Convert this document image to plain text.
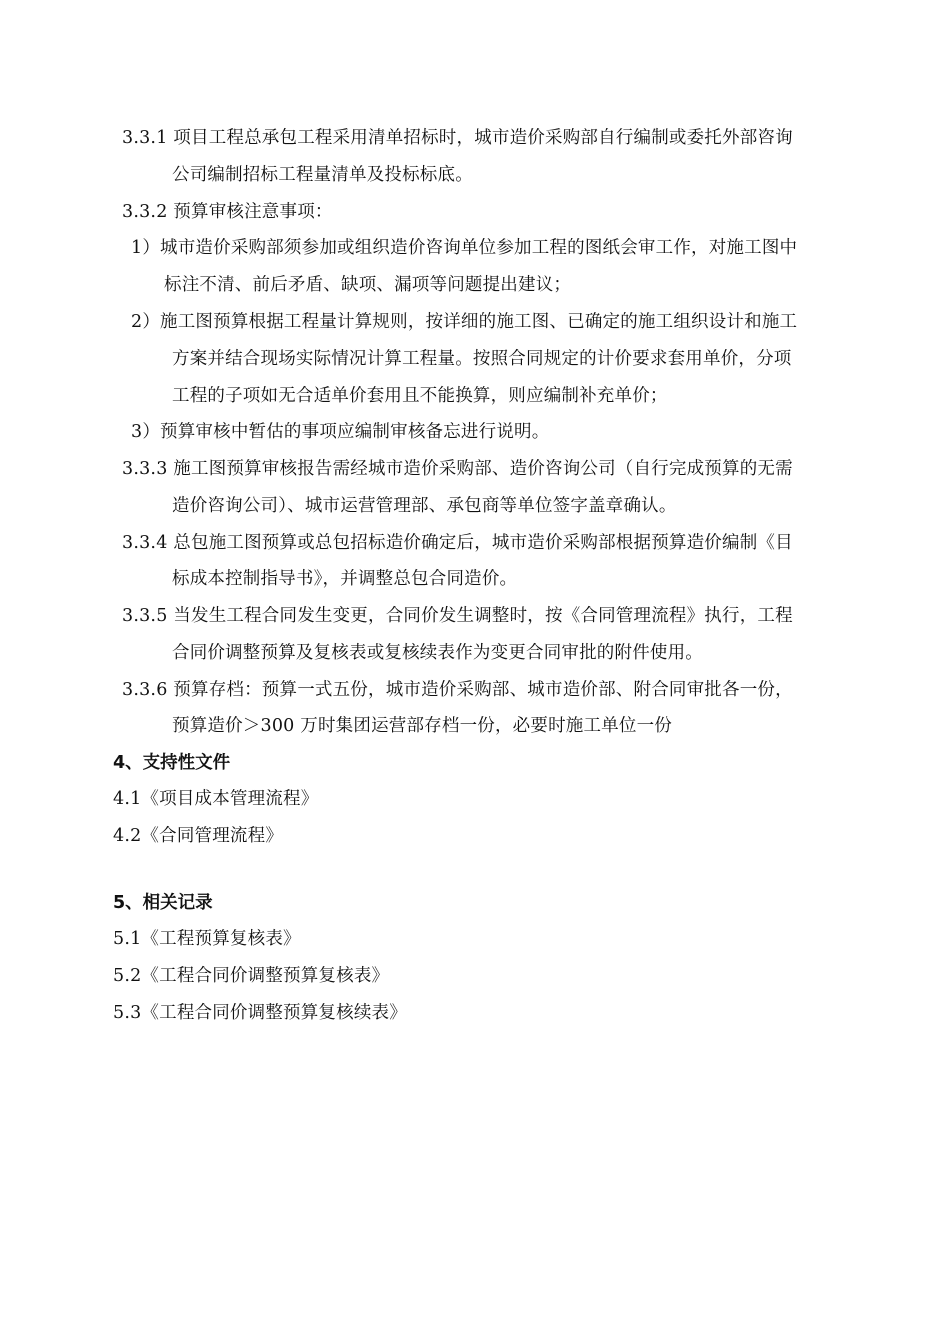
3.3.1 项目工程总承包工程采用清单招标时，城市造价采购部自行编制或委托外部咨询
公司编制招标工程量清单及投标标底。
3.3.2 预算审核注意事项：
1）城市造价采购部须参加或组织造价咨询单位参加工程的图纸会审工作，对施工图中
标注不清、前后矛盾、缺项、漏项等问题提出建议；
2）施工图预算根据工程量计算规则，按详细的施工图、已确定的施工组织设计和施工
方案并结合现场实际情况计算工程量。按照合同规定的计价要求套用单价，分项
工程的子项如无合适单价套用且不能换算，则应编制补充单价；
3）预算审核中暂估的事项应编制审核备忘进行说明。
3.3.3 施工图预算审核报告需经城市造价采购部、造价咨询公司（自行完成预算的无需
造价咨询公司）、城市运营管理部、承包商等单位签字盖章确认。
3.3.4 总包施工图预算或总包招标造价确定后，城市造价采购部根据预算造价编制《目
标成本控制指导书》，并调整总包合同造价。
3.3.5 当发生工程合同发生变更，合同价发生调整时，按《合同管理流程》执行，工程
合同价调整预算及复核表或复核续表作为变更合同审批的附件使用。
3.3.6 预算存档：预算一式五份，城市造价采购部、城市造价部、附合同审批各一份，
预算造价＞300 万时集团运营部存档一份，必要时施工单位一份
4、支持性文件
4.1《项目成本管理流程》
4.2《合同管理流程》
5、相关记录
5.1《工程预算复核表》
5.2《工程合同价调整预算复核表》
5.3《工程合同价调整预算复核续表》
